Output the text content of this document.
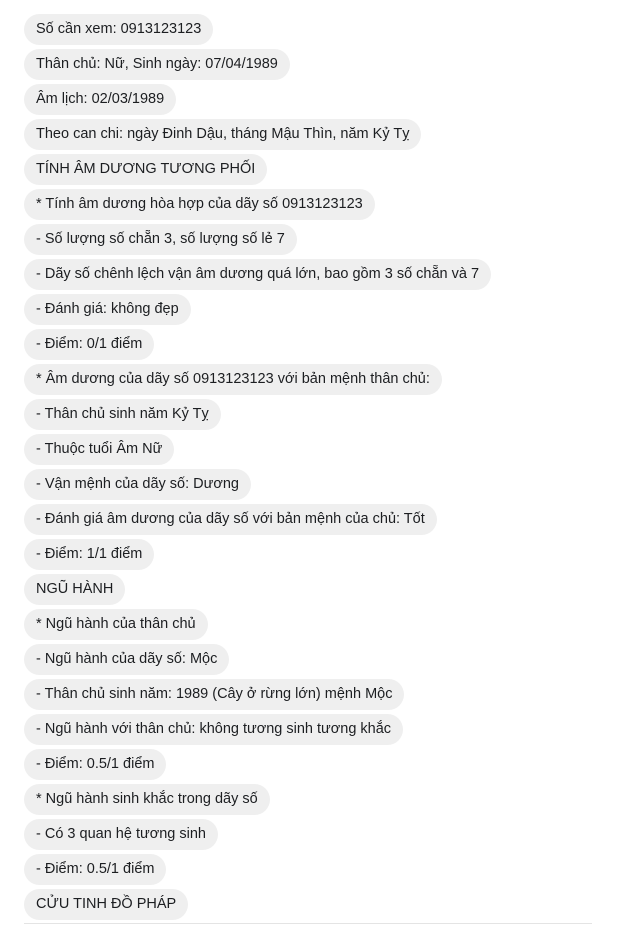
Số cần xem: 0913123123
Thân chủ: Nữ, Sinh ngày: 07/04/1989
Âm lịch: 02/03/1989
Theo can chi: ngày Đinh Dậu, tháng Mậu Thìn, năm Kỷ Tỵ
TÍNH ÂM DƯƠNG TƯƠNG PHỐI
* Tính âm dương hòa hợp của dãy số 0913123123
- Số lượng số chẵn 3, số lượng số lẻ 7
- Dãy số chênh lệch vận âm dương quá lớn, bao gồm 3 số chẵn và 7
- Đánh giá: không đẹp
- Điểm: 0/1 điểm
* Âm dương của dãy số 0913123123 với bản mệnh thân chủ:
- Thân chủ sinh năm Kỷ Tỵ
- Thuộc tuổi Âm Nữ
- Vận mệnh của dãy số: Dương
- Đánh giá âm dương của dãy số với bản mệnh của chủ: Tốt
- Điểm: 1/1 điểm
NGŨ HÀNH
* Ngũ hành của thân chủ
- Ngũ hành của dãy số: Mộc
- Thân chủ sinh năm: 1989 (Cây ở rừng lớn) mệnh Mộc
- Ngũ hành với thân chủ: không tương sinh tương khắc
- Điểm: 0.5/1 điểm
* Ngũ hành sinh khắc trong dãy số
- Có 3 quan hệ tương sinh
- Điểm: 0.5/1 điểm
CỬU TINH ĐỒ PHÁP
